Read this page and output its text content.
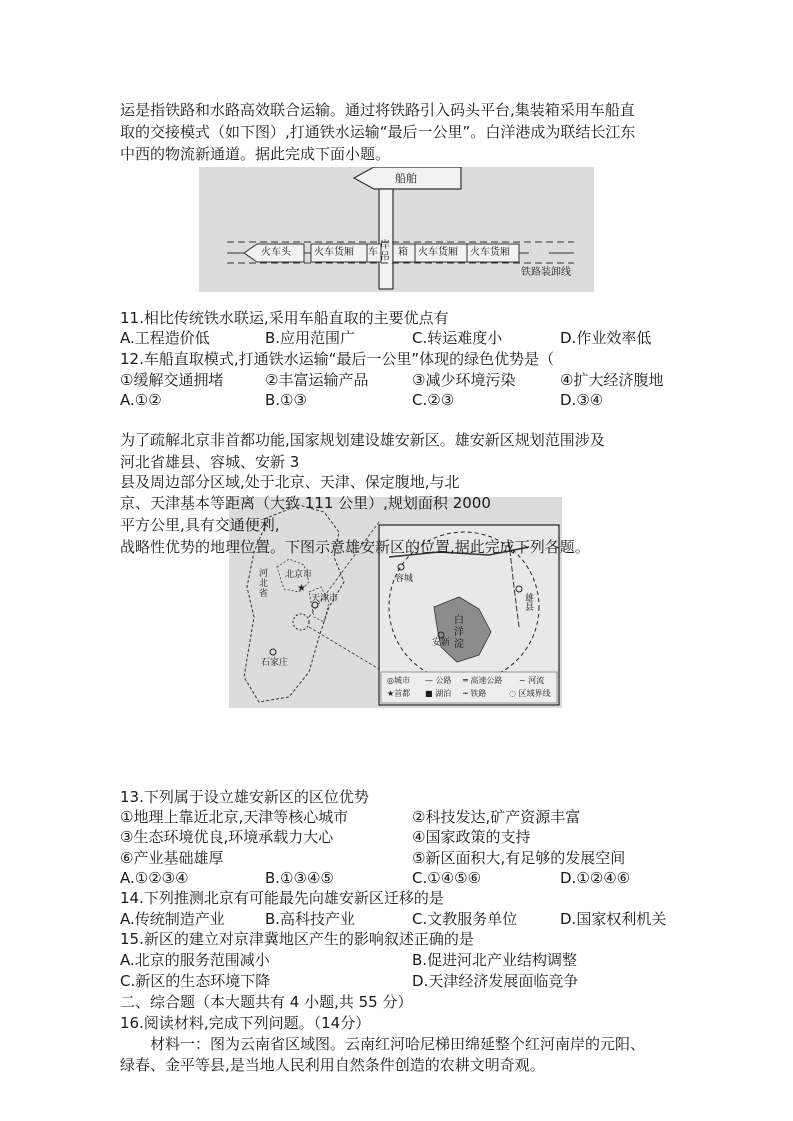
运是指铁路和水路高效联合运输。通过将铁路引入码头平台,集装箱采用车船直
取的交接模式（如下图）,打通铁水运输“最后一公里”。白洋港成为联结长江东
中西的物流新通道。据此完成下面小题。
船舶
岸吊
车 箱
火车头 火车货厢	火车货厢 火车货厢
铁路装卸线
11.相比传统铁水联运,采用车船直取的主要优点有
A.工程造价低	B.应用范围广	C.转运难度小	D.作业效率低
12.车船直取模式,打通铁水运输“最后一公里”体现的绿色优势是（
①缓解交通拥堵	②丰富运输产品	③减少环境污染	④扩大经济腹地
A.①②	B.①③	C.②③	D.③④
为了疏解北京非首都功能,国家规划建设雄安新区。雄安新区规划范围涉及
河北省雄县、容城、安新 3
县及周边部分区域,处于北京、天津、保定腹地,与北
★
河北省
北京市
天津市
石家庄
容城
安新
白洋淀
雄县
◎城市 — 公路 ═ 高速公路 ~ 河流
★首都 ■ 湖泊 ┅ 铁路	◌ 区域界线
京、天津基本等距离（大致 111 公里）,规划面积 2000
平方公里,具有交通便利,
战略性优势的地理位置。下图示意雄安新区的位置,据此完成下列各题。
13.下列属于设立雄安新区的区位优势
①地理上靠近北京,天津等核心城市	②科技发达,矿产资源丰富
③生态环境优良,环境承载力大心	④国家政策的支持
⑥产业基础雄厚	⑤新区面积大,有足够的发展空间
A.①②③④	B.①③④⑤	C.①④⑤⑥	D.①②④⑥
14.下列推测北京有可能最先向雄安新区迁移的是
A.传统制造产业	B.高科技产业	C.文教服务单位	D.国家权利机关
15.新区的建立对京津冀地区产生的影响叙述正确的是
A.北京的服务范围减小	B.促进河北产业结构调整
C.新区的生态环境下降	D.天津经济发展面临竞争
二、综合题（本大题共有 4 小题,共 55 分）
16.阅读材料,完成下列问题。（14分）
材料一：图为云南省区域图。云南红河哈尼梯田绵延整个红河南岸的元阳、
绿春、金平等县,是当地人民利用自然条件创造的农耕文明奇观。
